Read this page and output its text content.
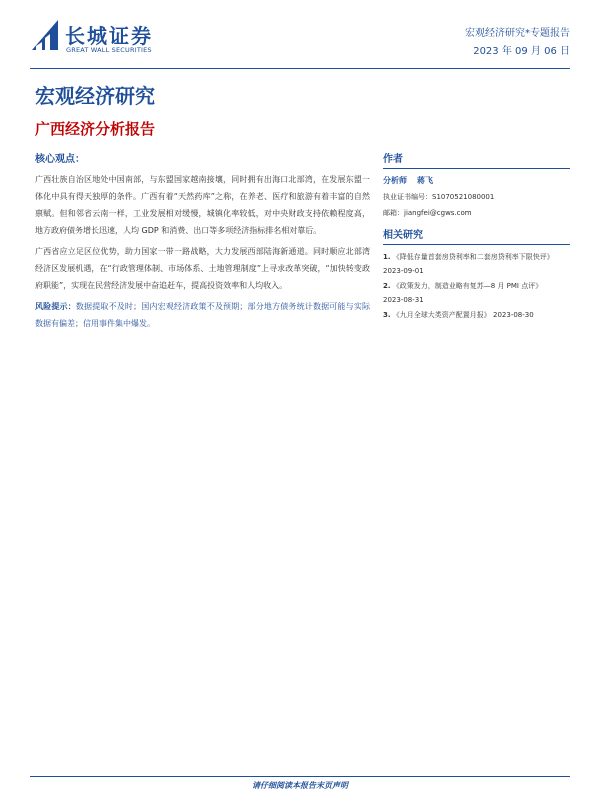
长城证券
GREAT WALL SECURITIES
宏观经济研究*专题报告
2023 年 09 月 06 日
宏观经济研究
广西经济分析报告
核心观点：

广西壮族自治区地处中国南部，与东盟国家越南接壤，同时拥有出海口北部湾，在发展东盟一体化中具有得天独厚的条件。广西有着“天然药库”之称，在养老、医疗和旅游有着丰富的自然禀赋。但和邻省云南一样，工业发展相对缓慢，城镇化率较低，对中央财政支持依赖程度高，地方政府债务增长迅速，人均 GDP 和消费、出口等多项经济指标排名相对靠后。

广西省应立足区位优势，助力国家一带一路战略，大力发展西部陆海新通道。同时顺应北部湾经济区发展机遇，在“行政管理体制、市场体系、土地管理制度”上寻求改革突破，“加快转变政府职能”，实现在民营经济发展中奋追赶车，提高投资效率和人均收入。

风险提示：数据提取不及时；国内宏观经济政策不及预期；部分地方债务统计数据可能与实际数据有偏差；信用事件集中爆发。

作者
分析师 蒋飞
执业证书编号：S1070521080001
邮箱：jiangfei@cgws.com
相关研究
1. 《降低存量首套房贷利率和二套房贷利率下限快评》
2023-09-01
2. 《政策发力，制造业略有复苏—8 月 PMI 点评》
2023-08-31
3. 《九月全球大类资产配置月报》 2023-08-30
请仔细阅读本报告末页声明
